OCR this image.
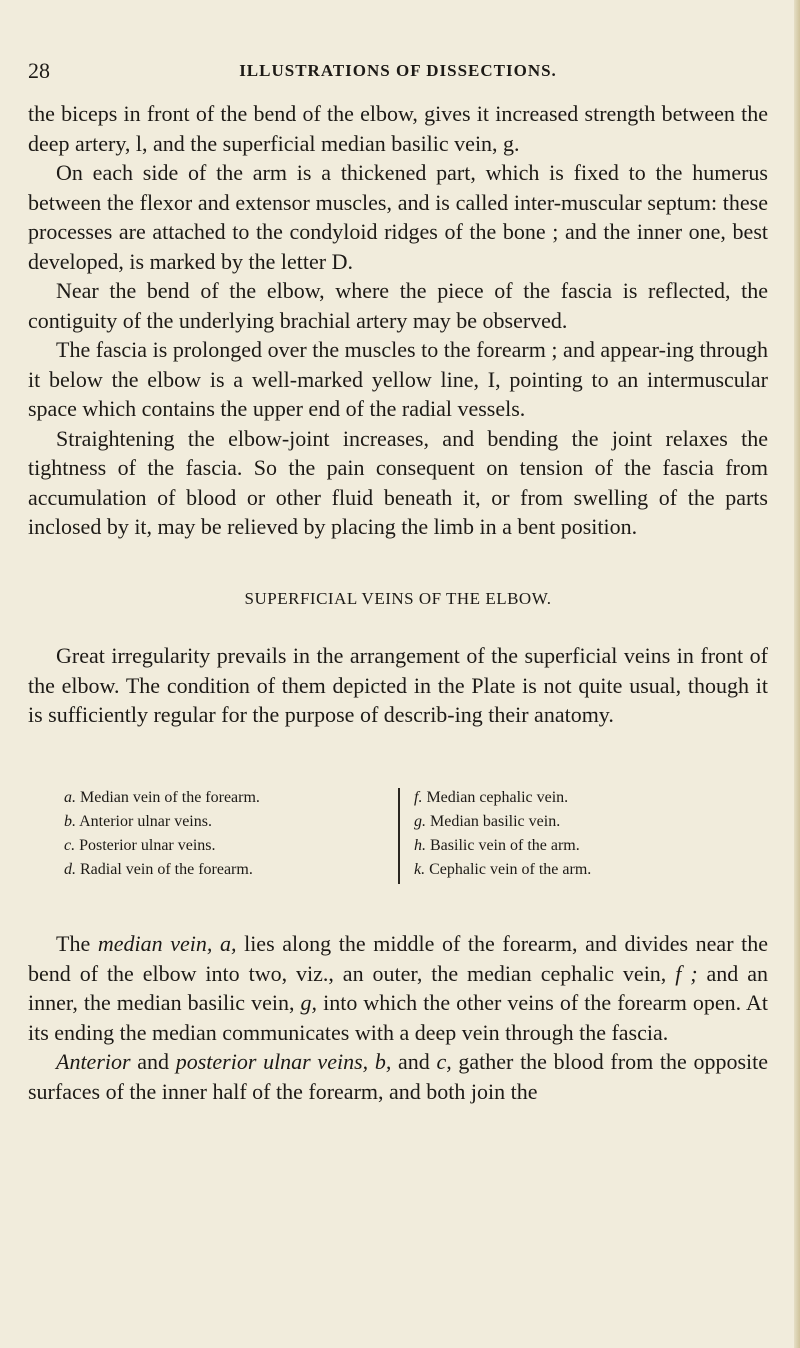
28	ILLUSTRATIONS OF DISSECTIONS.

the biceps in front of the bend of the elbow, gives it increased strength between the deep artery, l, and the superficial median basilic vein, g.

On each side of the arm is a thickened part, which is fixed to the humerus between the flexor and extensor muscles, and is called inter-muscular septum: these processes are attached to the condyloid ridges of the bone ; and the inner one, best developed, is marked by the letter D.

Near the bend of the elbow, where the piece of the fascia is reflected, the contiguity of the underlying brachial artery may be observed.

The fascia is prolonged over the muscles to the forearm ; and appear-ing through it below the elbow is a well-marked yellow line, I, pointing to an intermuscular space which contains the upper end of the radial vessels.

Straightening the elbow-joint increases, and bending the joint relaxes the tightness of the fascia. So the pain consequent on tension of the fascia from accumulation of blood or other fluid beneath it, or from swelling of the parts inclosed by it, may be relieved by placing the limb in a bent position.

SUPERFICIAL VEINS OF THE ELBOW.

Great irregularity prevails in the arrangement of the superficial veins in front of the elbow. The condition of them depicted in the Plate is not quite usual, though it is sufficiently regular for the purpose of describ-ing their anatomy.

a. Median vein of the forearm.
b. Anterior ulnar veins.
c. Posterior ulnar veins.
d. Radial vein of the forearm.
f. Median cephalic vein.
g. Median basilic vein.
h. Basilic vein of the arm.
k. Cephalic vein of the arm.

The median vein, a, lies along the middle of the forearm, and divides near the bend of the elbow into two, viz., an outer, the median cephalic vein, f ; and an inner, the median basilic vein, g, into which the other veins of the forearm open. At its ending the median communicates with a deep vein through the fascia.

Anterior and posterior ulnar veins, b, and c, gather the blood from the opposite surfaces of the inner half of the forearm, and both join the
